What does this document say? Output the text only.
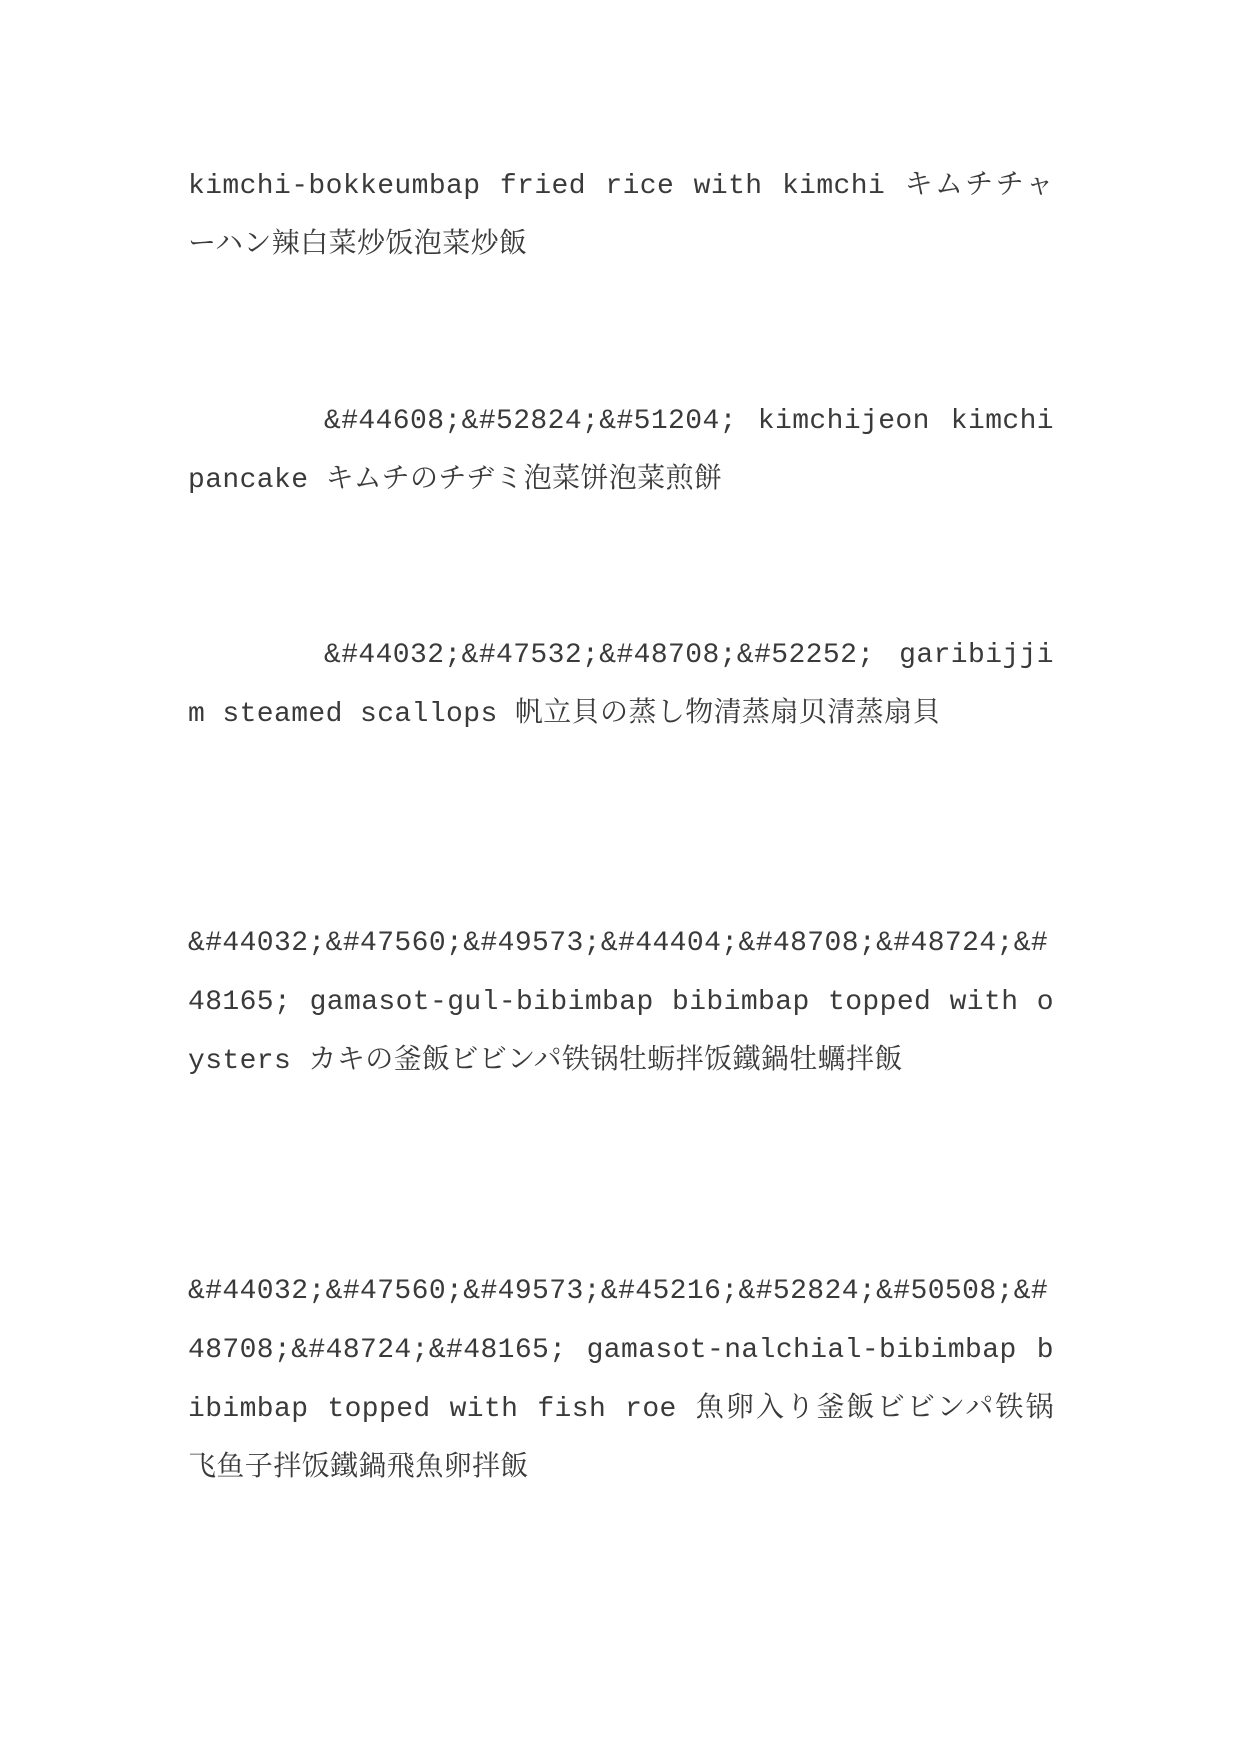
kimchi-bokkeumbap fried rice with kimchi キムチチャーハン辣白菜炒饭泡菜炒飯

&#44608;&#52824;&#51204; kimchijeon kimchi pancake キムチのチヂミ泡菜饼泡菜煎餅

&#44032;&#47532;&#48708;&#52252; garibijjim steamed scallops 帆立貝の蒸し物清蒸扇贝清蒸扇貝

&#44032;&#47560;&#49573;&#44404;&#48708;&#48724;&#48165; gamasot-gul-bibimbap bibimbap topped with oysters カキの釜飯ビビンパ铁锅牡蛎拌饭鐵鍋牡蠣拌飯

&#44032;&#47560;&#49573;&#45216;&#52824;&#50508;&#48708;&#48724;&#48165; gamasot-nalchial-bibimbap bibimbap topped with fish roe 魚卵入り釜飯ビビンパ铁锅飞鱼子拌饭鐵鍋飛魚卵拌飯
